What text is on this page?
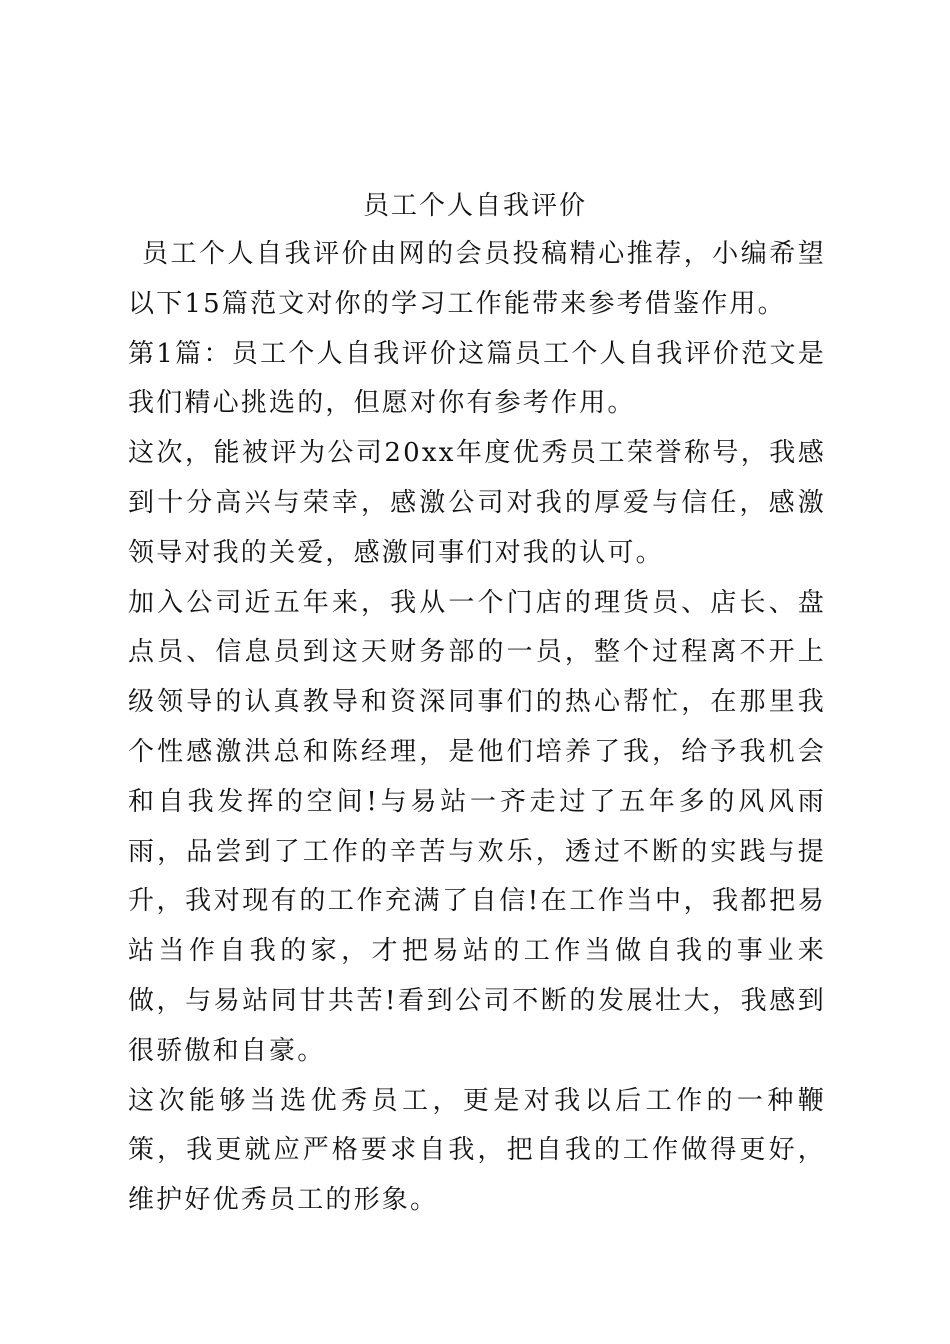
员工个人自我评价

员工个人自我评价由网的会员投稿精心推荐，小编希望以下15篇范文对你的学习工作能带来参考借鉴作用。

第1篇：员工个人自我评价这篇员工个人自我评价范文是我们精心挑选的，但愿对你有参考作用。

这次，能被评为公司20xx年度优秀员工荣誉称号，我感到十分高兴与荣幸，感激公司对我的厚爱与信任，感激领导对我的关爱，感激同事们对我的认可。

加入公司近五年来，我从一个门店的理货员、店长、盘点员、信息员到这天财务部的一员，整个过程离不开上级领导的认真教导和资深同事们的热心帮忙，在那里我个性感激洪总和陈经理，是他们培养了我，给予我机会和自我发挥的空间!与易站一齐走过了五年多的风风雨雨，品尝到了工作的辛苦与欢乐，透过不断的实践与提升，我对现有的工作充满了自信!在工作当中，我都把易站当作自我的家，才把易站的工作当做自我的事业来做，与易站同甘共苦!看到公司不断的发展壮大，我感到很骄傲和自豪。

这次能够当选优秀员工，更是对我以后工作的一种鞭策，我更就应严格要求自我，把自我的工作做得更好，维护好优秀员工的形象。
